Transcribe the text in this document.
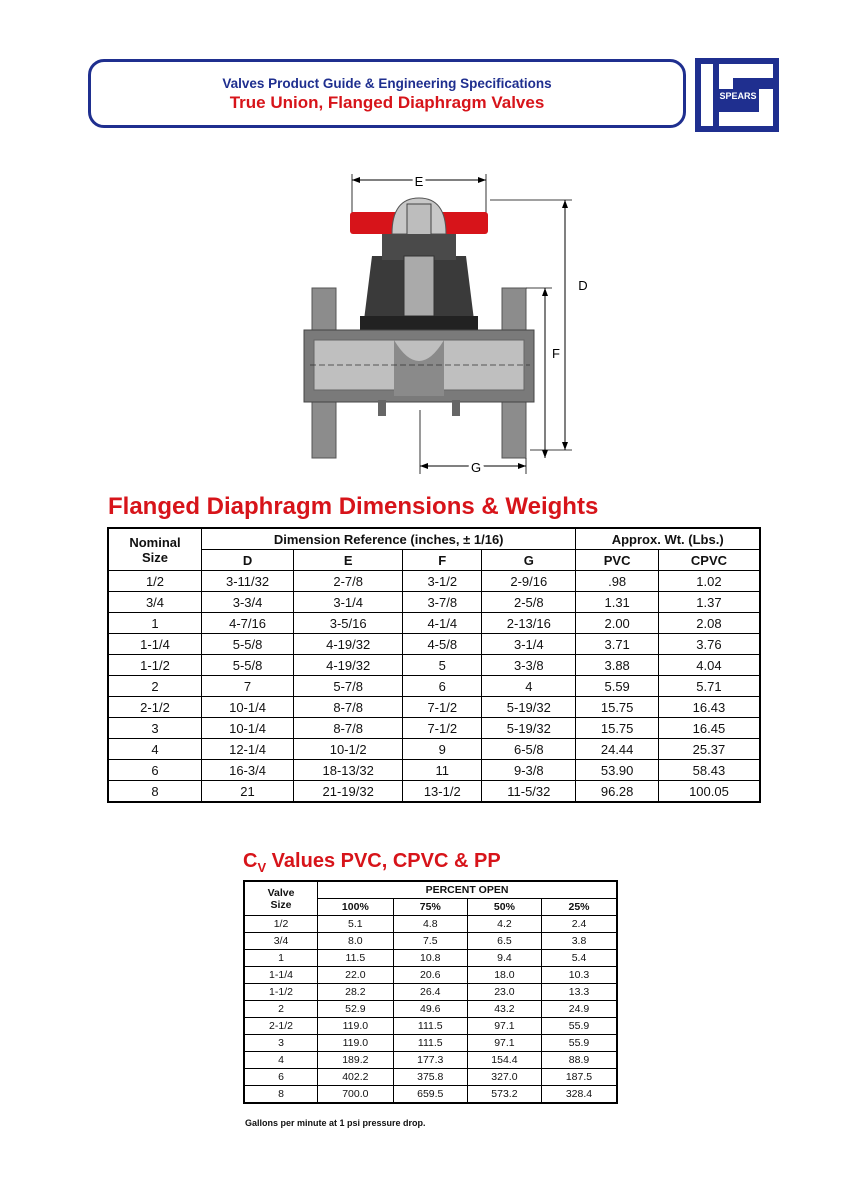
Valves Product Guide & Engineering Specifications
True Union, Flanged Diaphragm Valves	SPEARS
E
D
F
G
Flanged Diaphragm Dimensions & Weights
Nominal
Size	Dimension Reference (inches, ± 1/16)				Approx. Wt. (Lbs.)	
	D	E	F	G	PVC	CPVC
1/2	3-11/32	2-7/8	3-1/2	2-9/16	.98	1.02
3/4	3-3/4	3-1/4	3-7/8	2-5/8	1.31	1.37
1	4-7/16	3-5/16	4-1/4	2-13/16	2.00	2.08
1-1/4	5-5/8	4-19/32	4-5/8	3-1/4	3.71	3.76
1-1/2	5-5/8	4-19/32	5	3-3/8	3.88	4.04
2	7	5-7/8	6	4	5.59	5.71
2-1/2	10-1/4	8-7/8	7-1/2	5-19/32	15.75	16.43
3	10-1/4	8-7/8	7-1/2	5-19/32	15.75	16.45
4	12-1/4	10-1/2	9	6-5/8	24.44	25.37
6	16-3/4	18-13/32	11	9-3/8	53.90	58.43
8	21	21-19/32	13-1/2	11-5/32	96.28	100.05
$C_V$ Values PVC, CPVC & PP
Valve
Size	PERCENT OPEN			
	100%	75%	50%	25%
1/2	5.1	4.8	4.2	2.4
3/4	8.0	7.5	6.5	3.8
1	11.5	10.8	9.4	5.4
1-1/4	22.0	20.6	18.0	10.3
1-1/2	28.2	26.4	23.0	13.3
2	52.9	49.6	43.2	24.9
2-1/2	119.0	111.5	97.1	55.9
3	119.0	111.5	97.1	55.9
4	189.2	177.3	154.4	88.9
6	402.2	375.8	327.0	187.5
8	700.0	659.5	573.2	328.4
Gallons per minute at 1 psi pressure drop.
